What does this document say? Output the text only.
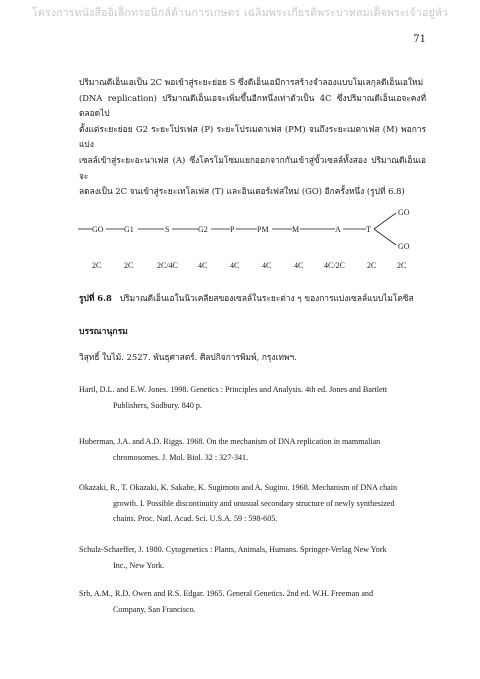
โครงการหนังสืออิเล็กทรอนิกส์ด้านการเกษตร เฉลิมพระเกียรติพระบาทสมเด็จพระเจ้าอยู่หัว
71

ปริมาณดีเอ็นเอเป็น 2C พอเข้าสู่ระยะย่อย S ซึ่งดีเอ็นเอมีการสร้างจำลองแบบโมเลกุลดีเอ็นเอใหม่

(DNA replication) ปริมาณดีเอ็นเอจะเพิ่มขึ้นอีกหนึ่งเท่าตัวเป็น 4C ซึ่งปริมาณดีเอ็นเอจะคงที่ตลอดไป

ตั้งแต่ระยะย่อย G2 ระยะโปรเฟส (P) ระยะโปรเมตาเฟส (PM) จนถึงระยะเมตาเฟส (M) พอการแบ่ง

เซลล์เข้าสู่ระยะอะนาเฟส (A) ซึ่งโครโมโซมแยกออกจากกันเข้าสู่ขั้วเซลล์ทั้งสอง ปริมาณดีเอ็นเอจะ

ลดลงเป็น 2C จนเข้าสู่ระยะเทโลเฟส (T) และอินเตอร์เฟสใหม่ (GO) อีกครั้งหนึ่ง (รูปที่ 6.8)

GO	G1	S	G2	P	PM	M	A	T
GO
GO
2C	2C	2C/4C	4C	4C	4C	4C	4C/2C	2C	2C
รูปที่ 6.8 ปริมาณดีเอ็นเอในนิวเคลียสของเซลล์ในระยะต่าง ๆ ของการแบ่งเซลล์แบบไมโตซิส
บรรณานุกรม
วิสุทธิ์ ใบไม้. 2527. พันธุศาสตร์. ศิลปกิจการพิมพ์, กรุงเทพฯ.
Hartl, D.L. and E.W. Jones. 1998. Genetics : Principles and Analysis. 4th ed. Jones and Bartlett
Publishers, Sudbury. 840 p.
Huberman, J.A. and A.D. Riggs. 1968. On the mechanism of DNA replication in mammalian
chromosomes. J. Mol. Biol. 32 : 327-341.
Okazaki, R., T. Okazaki, K. Sakabe, K. Sugimoto and A. Sugino. 1968. Mechanism of DNA chain
growth. I. Possible discontinuity and unusual secondary structure of newly synthesized
chains. Proc. Natl. Acad. Sci. U.S.A. 59 : 598-605.
Schulz-Schaeffer, J. 1980. Cytogenetics : Plants, Animals, Humans. Springer-Verlag New York
Inc., New York.
Srb, A.M., R.D. Owen and R.S. Edgar. 1965. General Genetics. 2nd ed. W.H. Freeman and
Company, San Francisco.
